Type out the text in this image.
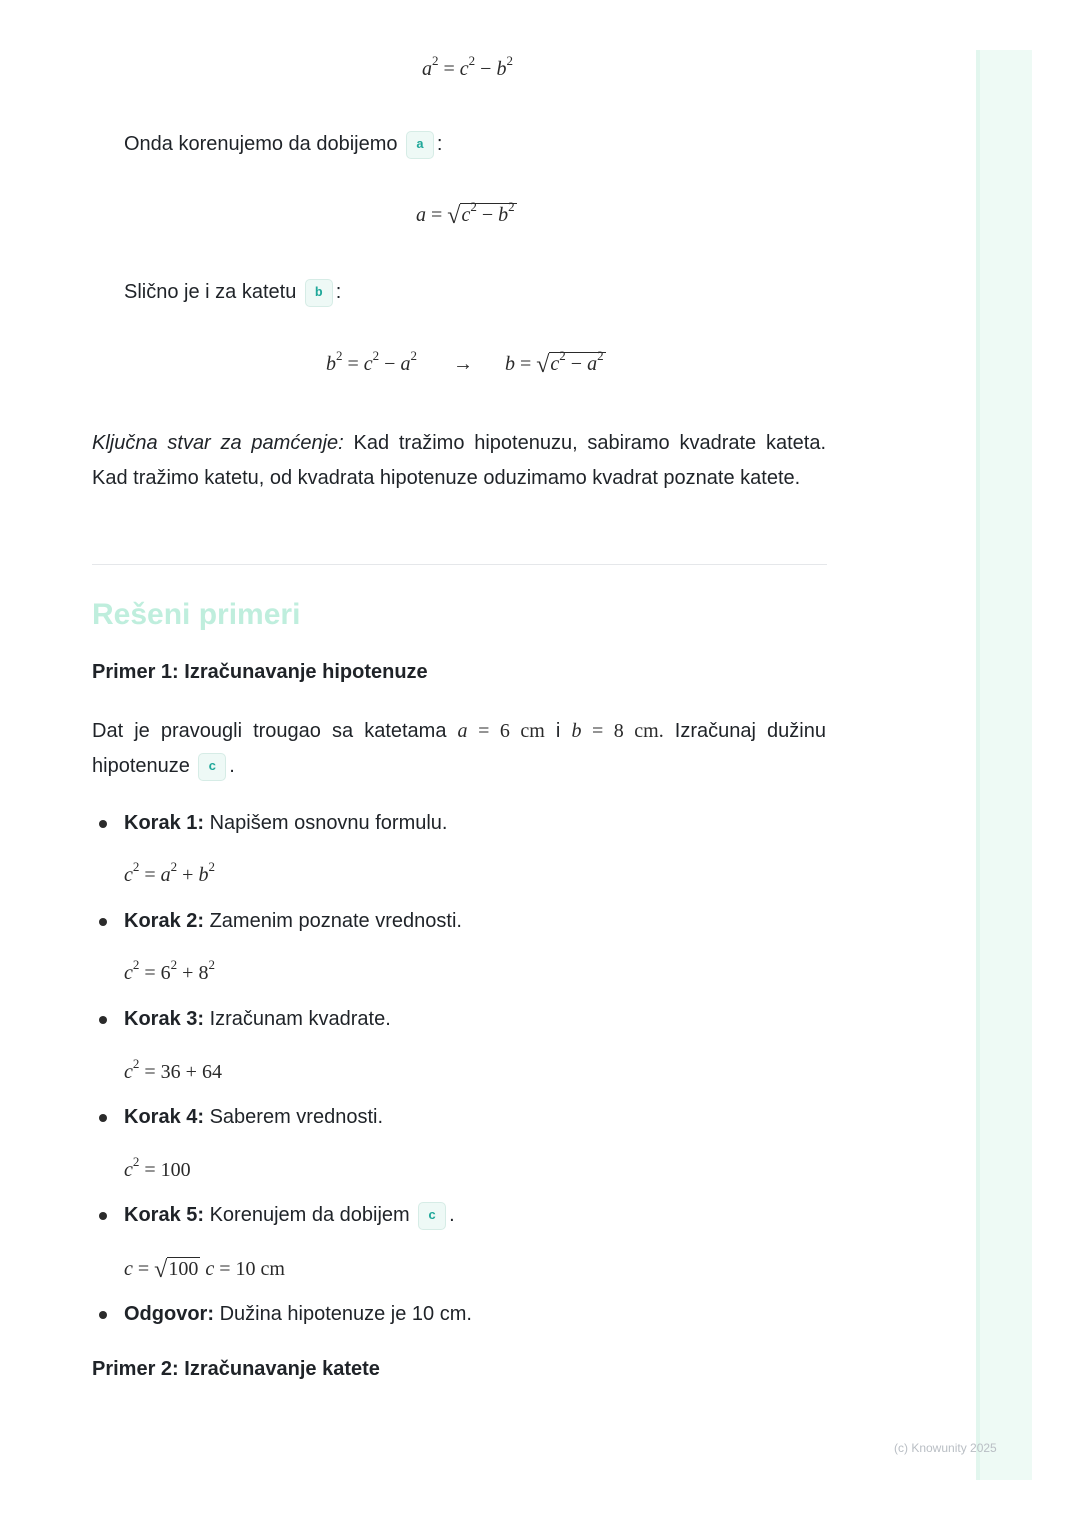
$a^2 = c^2 - b^2$
Onda korenujemo da dobijemo a :
$a = √c^2 - b^2$
Slično je i za katetu b :
$b^2 = c^2 - a^2 \to b = √c^2 - a^2$
Ključna stvar za pamćenje: Kad tražimo hipotenuzu, sabiramo kvadrate kateta. Kad tražimo katetu, od kvadrata hipotenuze oduzimamo kvadrat poznate katete.
Rešeni primeri
Primer 1: Izračunavanje hipotenuze
Dat je pravougli trougao sa katetama a = 6 cm i b = 8 cm. Izračunaj dužinu hipotenuze c .
Korak 1: Napišem osnovnu formulu.
$c^2 = a^2 + b^2$
Korak 2: Zamenim poznate vrednosti.
$c^2 = 6^2 + 8^2$
Korak 3: Izračunam kvadrate.
$c^2 = 36 + 64$
Korak 4: Saberem vrednosti.
$c^2 = 100$
Korak 5: Korenujem da dobijem c .
c = √100 c = 10 cm
Odgovor: Dužina hipotenuze je 10 cm.
Primer 2: Izračunavanje katete
(c) Knowunity 2025
